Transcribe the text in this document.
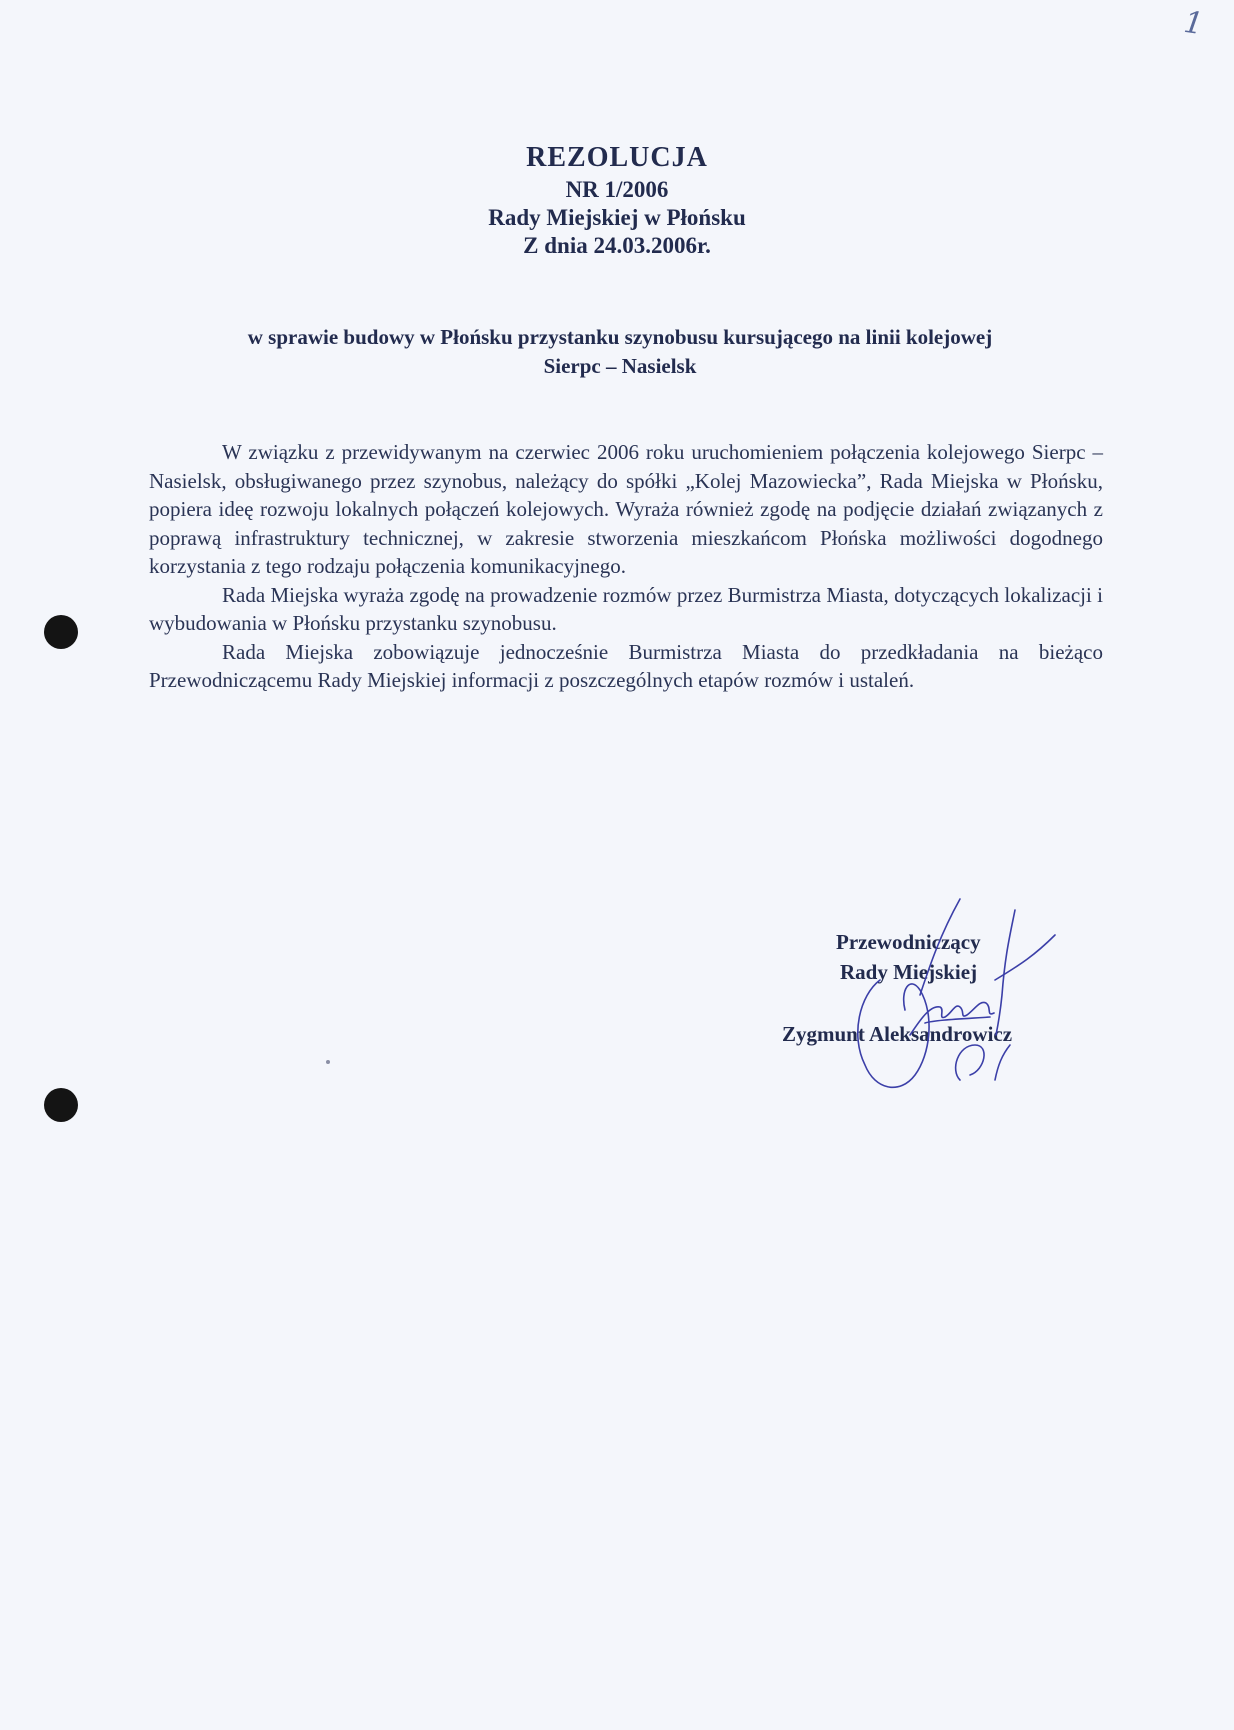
1
REZOLUCJA
NR 1/2006
Rady Miejskiej w Płońsku
Z dnia 24.03.2006r.
w sprawie budowy w Płońsku przystanku szynobusu kursującego na linii kolejowej
Sierpc – Nasielsk

W związku z przewidywanym na czerwiec 2006 roku uruchomieniem połączenia kolejowego Sierpc – Nasielsk, obsługiwanego przez szynobus, należący do spółki „Kolej Mazowiecka”, Rada Miejska w Płońsku, popiera ideę rozwoju lokalnych połączeń kolejowych. Wyraża również zgodę na podjęcie działań związanych z poprawą infrastruktury technicznej, w zakresie stworzenia mieszkańcom Płońska możliwości dogodnego korzystania z tego rodzaju połączenia komunikacyjnego.

Rada Miejska wyraża zgodę na prowadzenie rozmów przez Burmistrza Miasta, dotyczących lokalizacji i wybudowania w Płońsku przystanku szynobusu.

Rada Miejska zobowiązuje jednocześnie Burmistrza Miasta do przedkładania na bieżąco Przewodniczącemu Rady Miejskiej informacji z poszczególnych etapów rozmów i ustaleń.

Przewodniczący
Rady Miejskiej
Zygmunt Aleksandrowicz
